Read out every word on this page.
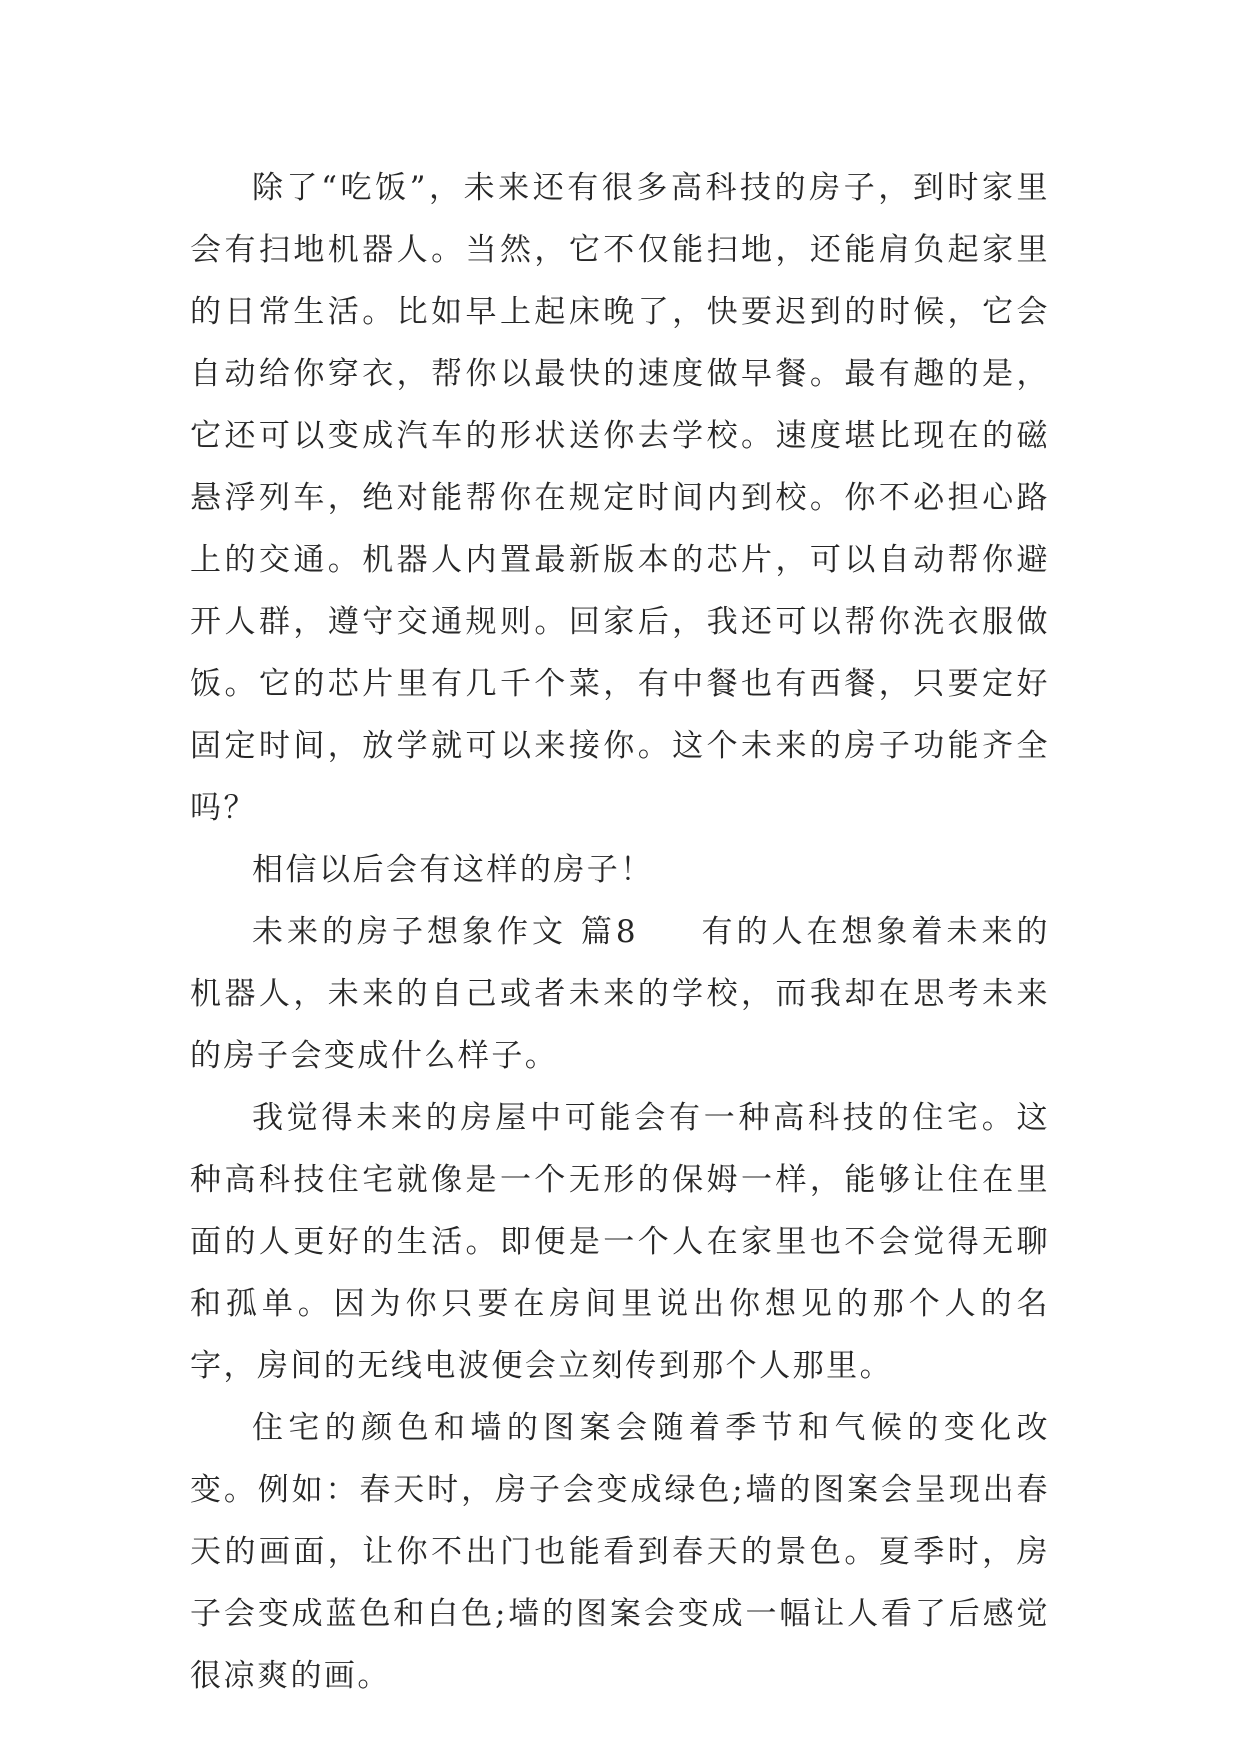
除了“吃饭”，未来还有很多高科技的房子，到时家里会有扫地机器人。当然，它不仅能扫地，还能肩负起家里的日常生活。比如早上起床晚了，快要迟到的时候，它会自动给你穿衣，帮你以最快的速度做早餐。最有趣的是，它还可以变成汽车的形状送你去学校。速度堪比现在的磁悬浮列车，绝对能帮你在规定时间内到校。你不必担心路上的交通。机器人内置最新版本的芯片，可以自动帮你避开人群，遵守交通规则。回家后，我还可以帮你洗衣服做饭。它的芯片里有几千个菜，有中餐也有西餐，只要定好固定时间，放学就可以来接你。这个未来的房子功能齐全吗？

相信以后会有这样的房子！

未来的房子想象作文 篇8 有的人在想象着未来的机器人，未来的自己或者未来的学校，而我却在思考未来的房子会变成什么样子。

我觉得未来的房屋中可能会有一种高科技的住宅。这种高科技住宅就像是一个无形的保姆一样，能够让住在里面的人更好的生活。即便是一个人在家里也不会觉得无聊和孤单。因为你只要在房间里说出你想见的那个人的名字，房间的无线电波便会立刻传到那个人那里。

住宅的颜色和墙的图案会随着季节和气候的变化改变。例如：春天时，房子会变成绿色;墙的图案会呈现出春天的画面，让你不出门也能看到春天的景色。夏季时，房子会变成蓝色和白色;墙的图案会变成一幅让人看了后感觉很凉爽的画。
